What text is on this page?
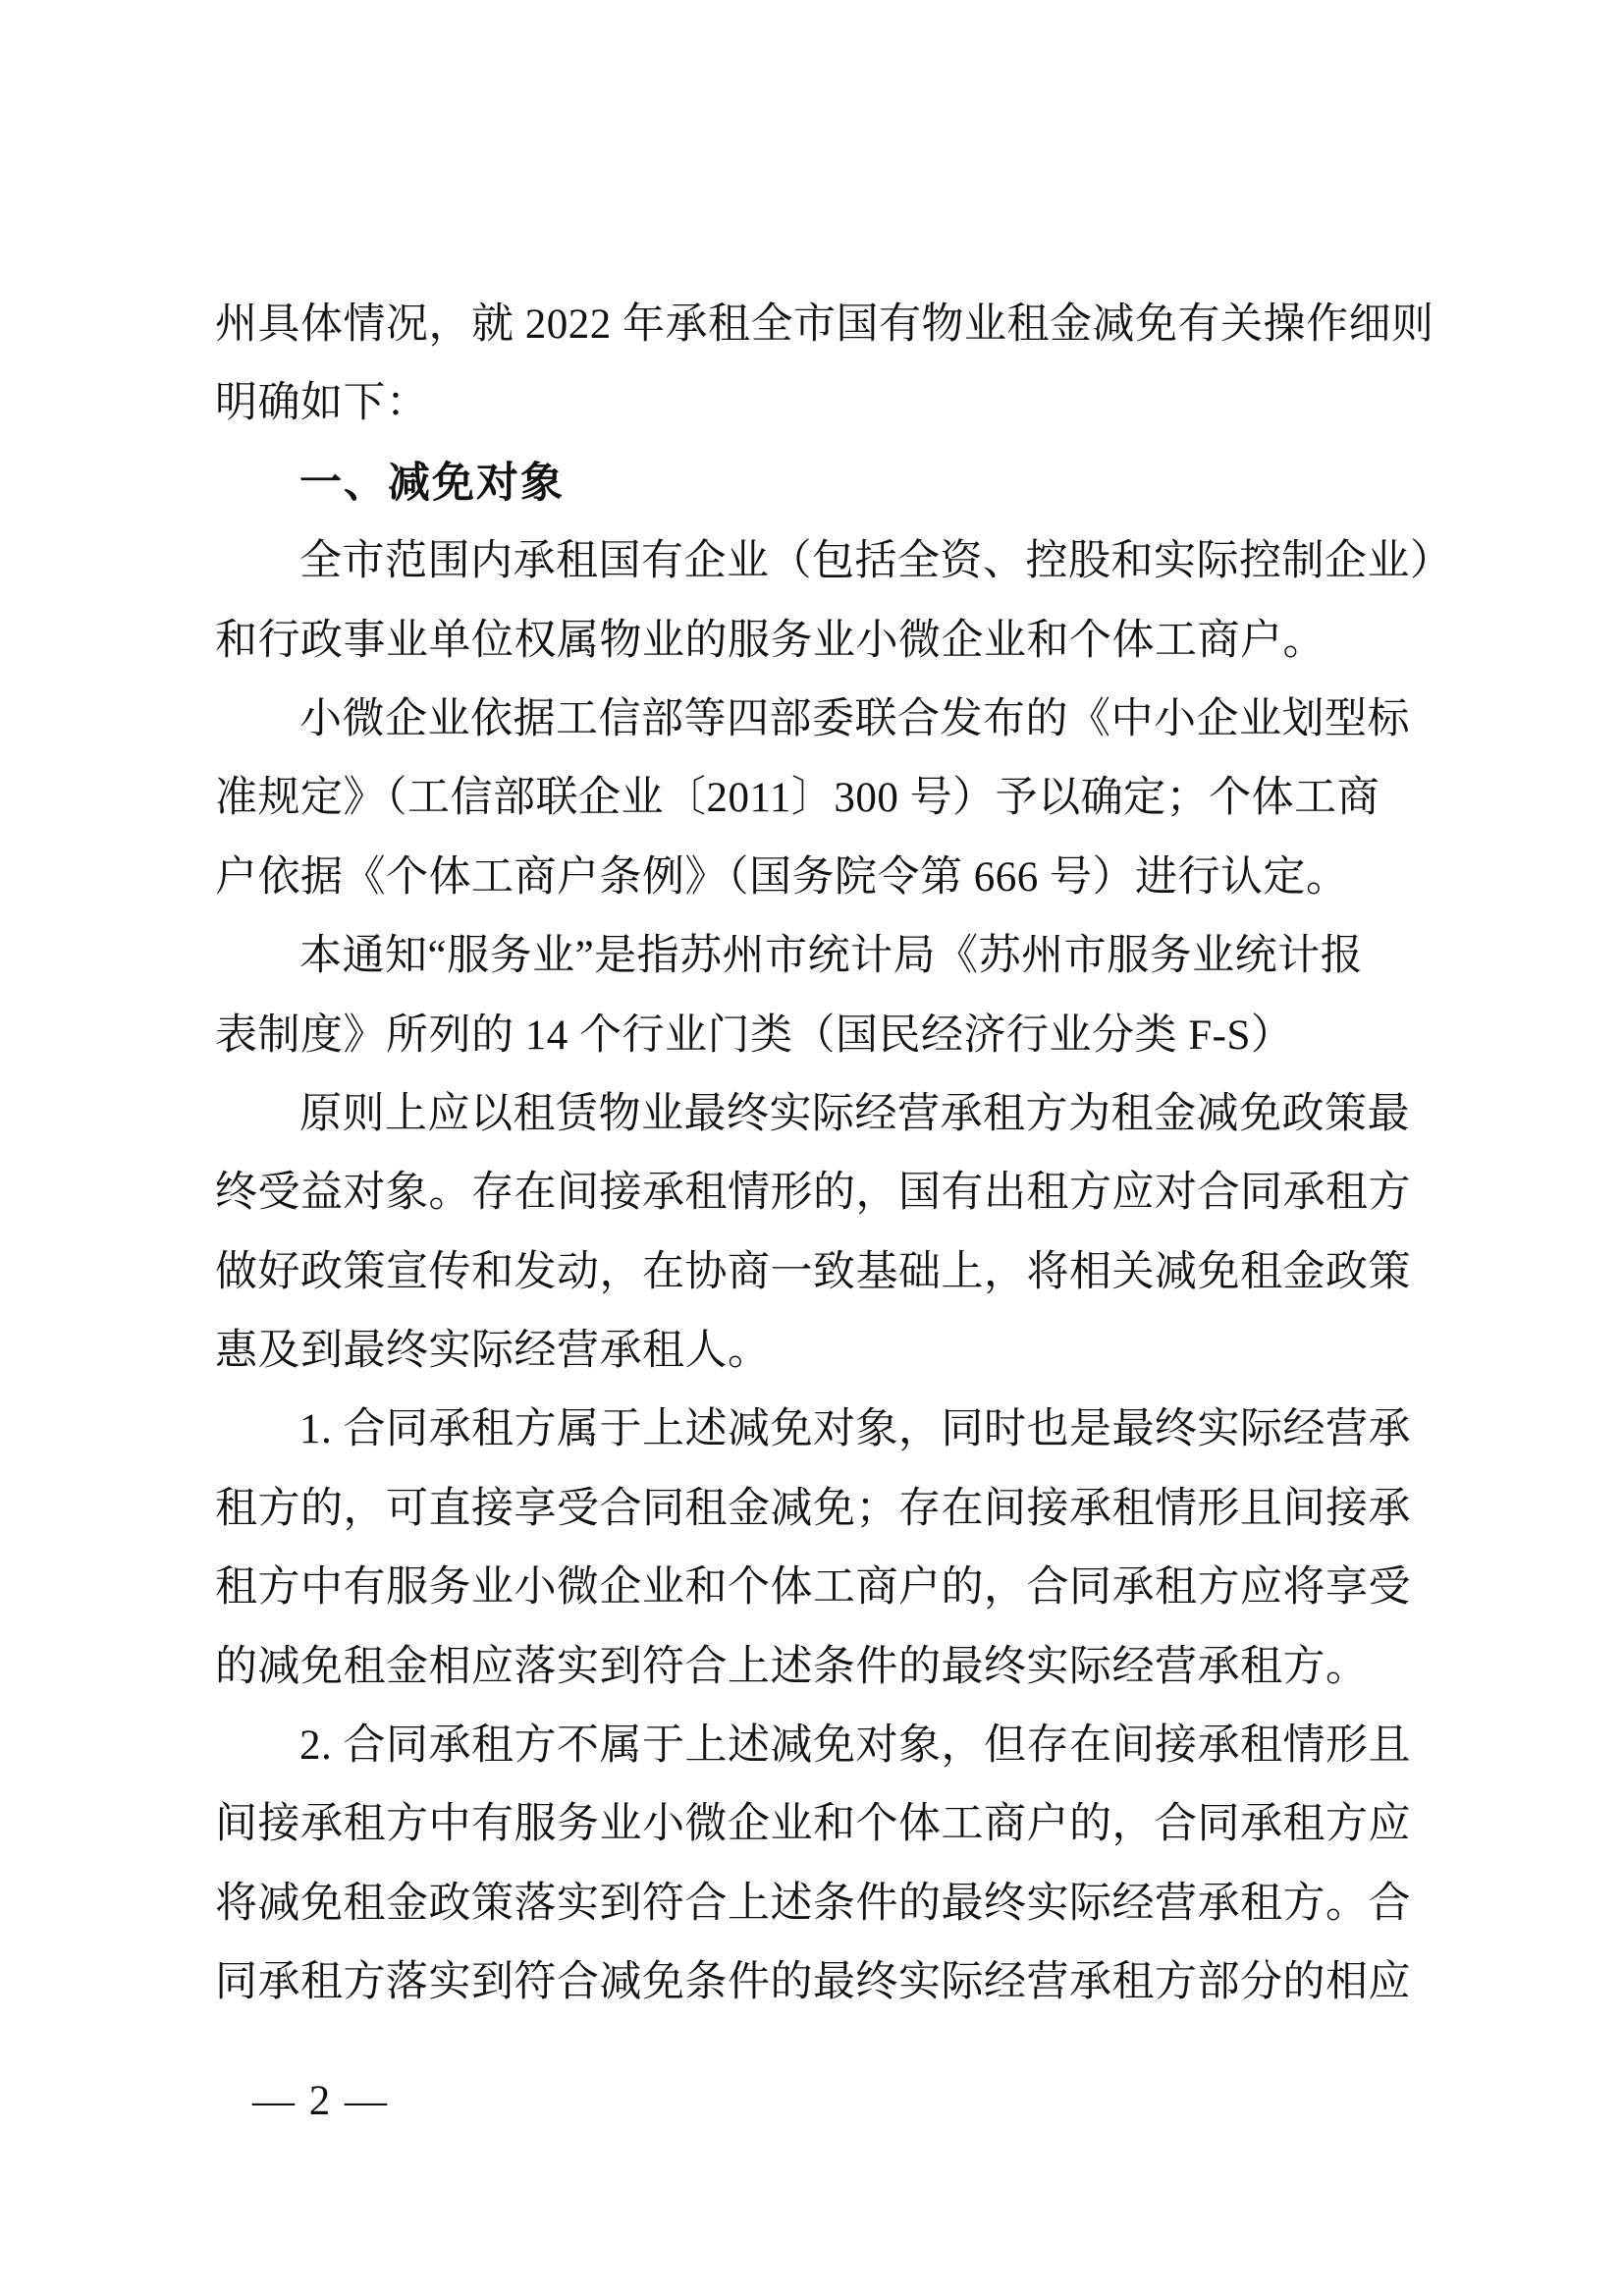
州具体情况，就 2022 年承租全市国有物业租金减免有关操作细则
明确如下：
一、减免对象
全市范围内承租国有企业（包括全资、控股和实际控制企业）
和行政事业单位权属物业的服务业小微企业和个体工商户。
小微企业依据工信部等四部委联合发布的《中小企业划型标
准规定》（工信部联企业〔2011〕300 号）予以确定；个体工商
户依据《个体工商户条例》（国务院令第 666 号）进行认定。
本通知“服务业”是指苏州市统计局《苏州市服务业统计报
表制度》所列的 14 个行业门类（国民经济行业分类 F-S）
原则上应以租赁物业最终实际经营承租方为租金减免政策最
终受益对象。存在间接承租情形的，国有出租方应对合同承租方
做好政策宣传和发动，在协商一致基础上，将相关减免租金政策
惠及到最终实际经营承租人。
1. 合同承租方属于上述减免对象，同时也是最终实际经营承
租方的，可直接享受合同租金减免；存在间接承租情形且间接承
租方中有服务业小微企业和个体工商户的，合同承租方应将享受
的减免租金相应落实到符合上述条件的最终实际经营承租方。
2. 合同承租方不属于上述减免对象，但存在间接承租情形且
间接承租方中有服务业小微企业和个体工商户的，合同承租方应
将减免租金政策落实到符合上述条件的最终实际经营承租方。合
同承租方落实到符合减免条件的最终实际经营承租方部分的相应
— 2 —
